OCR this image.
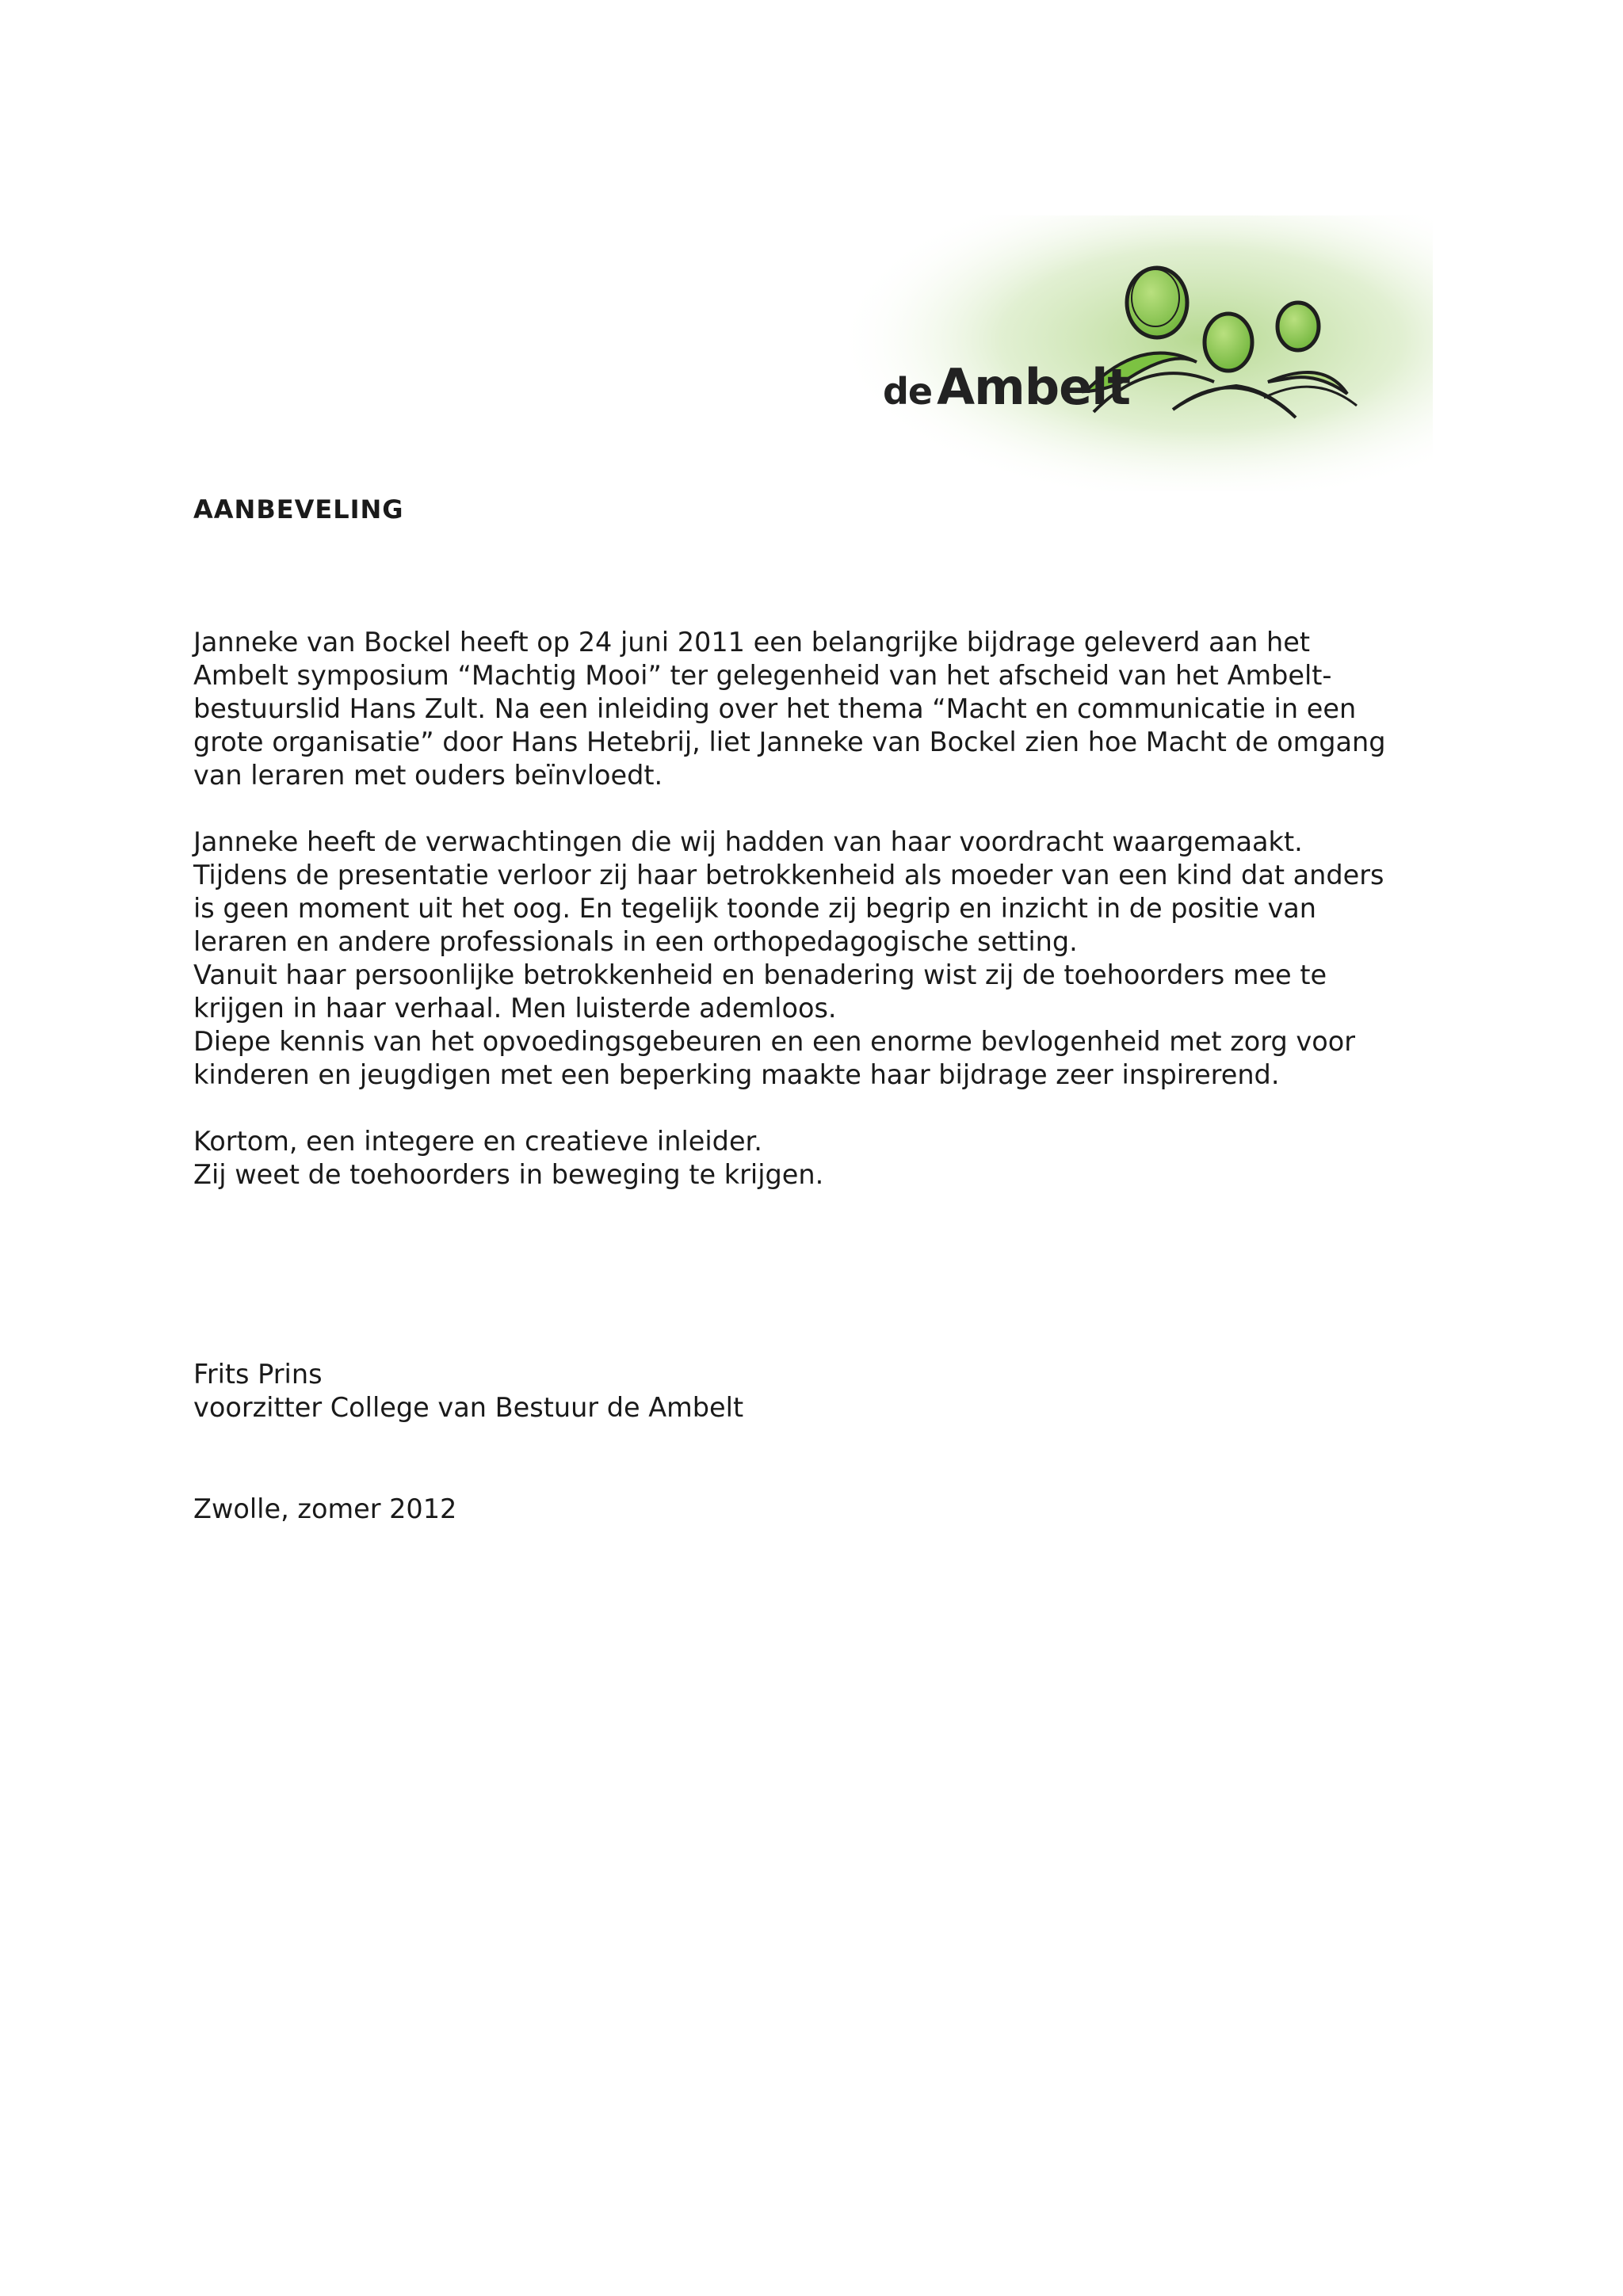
deAmbelt
AANBEVELING

Janneke van Bockel heeft op 24 juni 2011 een belangrijke bijdrage geleverd aan het
Ambelt symposium “Machtig Mooi” ter gelegenheid van het afscheid van het Ambelt-
bestuurslid Hans Zult. Na een inleiding over het thema “Macht en communicatie in een
grote organisatie” door Hans Hetebrij, liet Janneke van Bockel zien hoe Macht de omgang
van leraren met ouders beïnvloedt.

Janneke heeft de verwachtingen die wij hadden van haar voordracht waargemaakt.
Tijdens de presentatie verloor zij haar betrokkenheid als moeder van een kind dat anders
is geen moment uit het oog. En tegelijk toonde zij begrip en inzicht in de positie van
leraren en andere professionals in een orthopedagogische setting.
Vanuit haar persoonlijke betrokkenheid en benadering wist zij de toehoorders mee te
krijgen in haar verhaal. Men luisterde ademloos.
Diepe kennis van het opvoedingsgebeuren en een enorme bevlogenheid met zorg voor
kinderen en jeugdigen met een beperking maakte haar bijdrage zeer inspirerend.

Kortom, een integere en creatieve inleider.
Zij weet de toehoorders in beweging te krijgen.

Frits Prins
voorzitter College van Bestuur de Ambelt

Zwolle, zomer 2012
